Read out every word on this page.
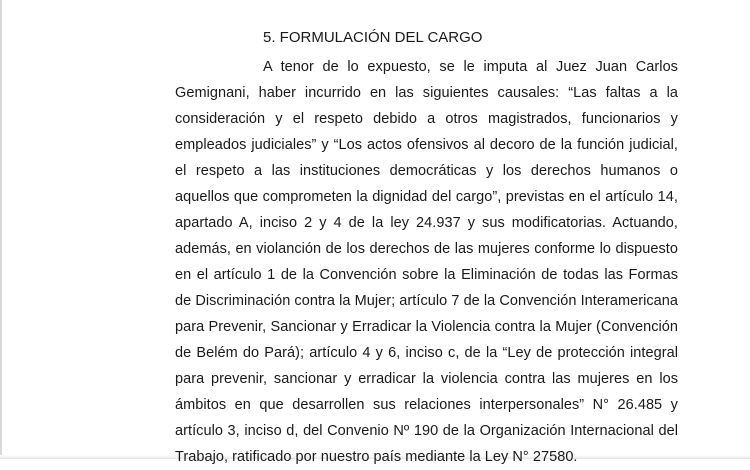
5. FORMULACIÓN DEL CARGO
A tenor de lo expuesto, se le imputa al Juez Juan Carlos
Gemignani, haber incurrido en las siguientes causales: “Las faltas a la
consideración y el respeto debido a otros magistrados, funcionarios y
empleados judiciales” y “Los actos ofensivos al decoro de la función judicial,
el respeto a las instituciones democráticas y los derechos humanos o
aquellos que comprometen la dignidad del cargo”, previstas en el artículo 14,
apartado A, inciso 2 y 4 de la ley 24.937 y sus modificatorias. Actuando,
además, en violanción de los derechos de las mujeres conforme lo dispuesto
en el artículo 1 de la Convención sobre la Eliminación de todas las Formas
de Discriminación contra la Mujer; artículo 7 de la Convención Interamericana
para Prevenir, Sancionar y Erradicar la Violencia contra la Mujer (Convención
de Belém do Pará); artículo 4 y 6, inciso c, de la “Ley de protección integral
para prevenir, sancionar y erradicar la violencia contra las mujeres en los
ámbitos en que desarrollen sus relaciones interpersonales” N° 26.485 y
artículo 3, inciso d, del Convenio Nº 190 de la Organización Internacional del
Trabajo, ratificado por nuestro país mediante la Ley N° 27580.
